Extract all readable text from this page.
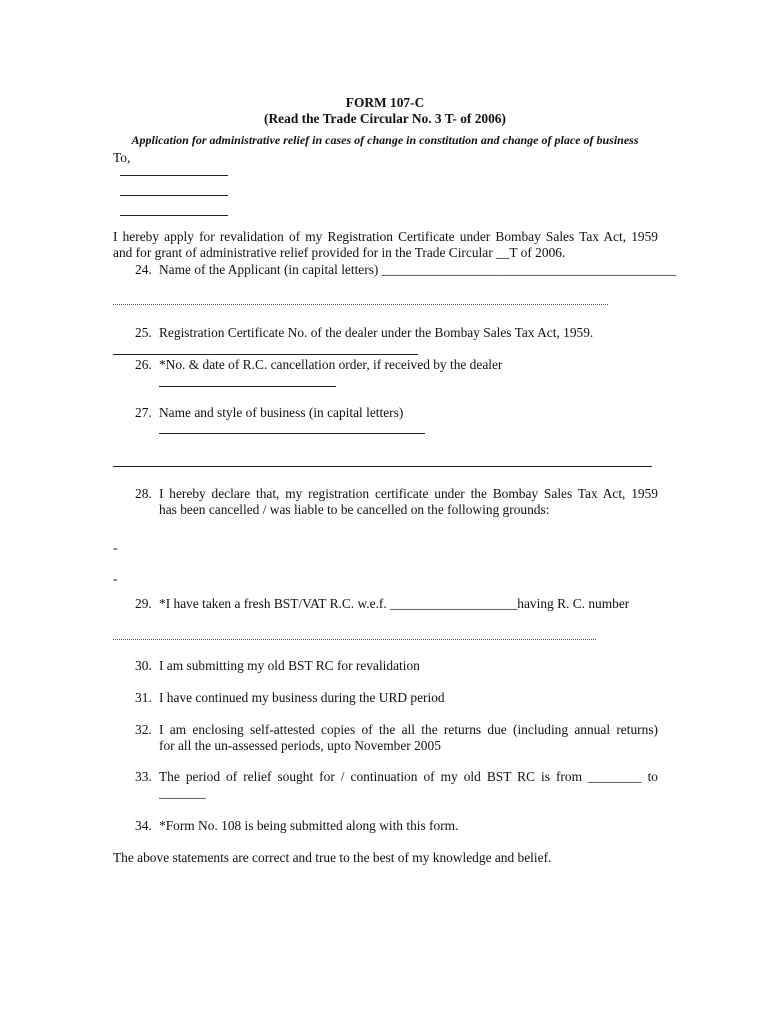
FORM 107-C
(Read the Trade Circular No. 3 T- of 2006)
Application for administrative relief in cases of change in constitution and change of place of business
To,
I hereby apply for revalidation of my Registration Certificate under Bombay Sales Tax Act, 1959
and for grant of administrative relief provided for in the Trade Circular __T of 2006.
24. Name of the Applicant (in capital letters) ____________________________________________
25. Registration Certificate No. of the dealer under the Bombay Sales Tax Act, 1959.
26. *No. & date of R.C. cancellation order, if received by the dealer
27. Name and style of business (in capital letters)
28. I hereby declare that, my registration certificate under the Bombay Sales Tax Act, 1959
has been cancelled / was liable to be cancelled on the following grounds:
-
-
29. *I have taken a fresh BST/VAT R.C. w.e.f. ___________________having R. C. number
30. I am submitting my old BST RC for revalidation
31. I have continued my business during the URD period
32. I am enclosing self-attested copies of the all the returns due (including annual returns)
for all the un-assessed periods, upto November 2005
33. The period of relief sought for / continuation of my old BST RC is from ________ to
_______
34. *Form No. 108 is being submitted along with this form.
The above statements are correct and true to the best of my knowledge and belief.
